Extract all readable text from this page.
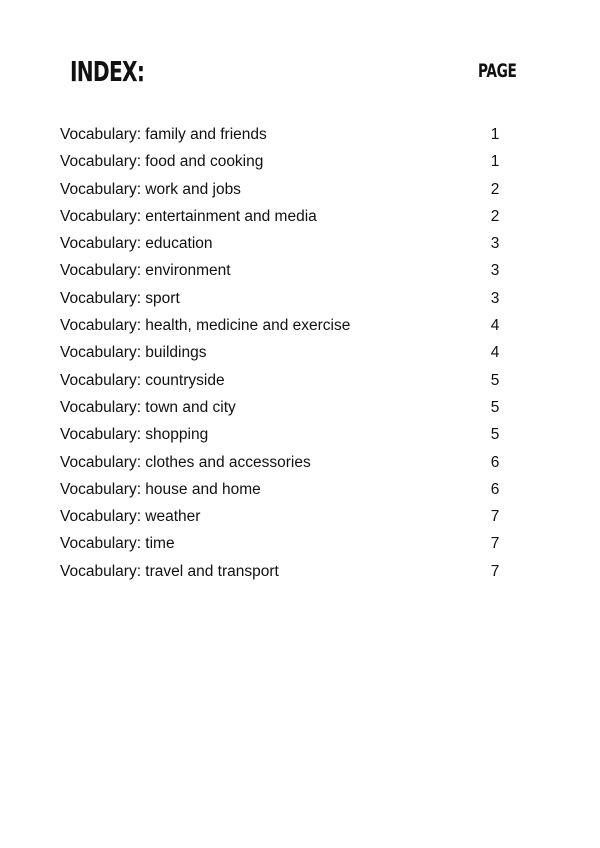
INDEX:	PAGE
Vocabulary: family and friends	1
Vocabulary: food and cooking	1
Vocabulary: work and jobs	2
Vocabulary: entertainment and media	2
Vocabulary: education	3
Vocabulary: environment	3
Vocabulary: sport	3
Vocabulary: health, medicine and exercise	4
Vocabulary: buildings	4
Vocabulary: countryside	5
Vocabulary: town and city	5
Vocabulary: shopping	5
Vocabulary: clothes and accessories	6
Vocabulary: house and home	6
Vocabulary: weather	7
Vocabulary: time	7
Vocabulary: travel and transport	7
